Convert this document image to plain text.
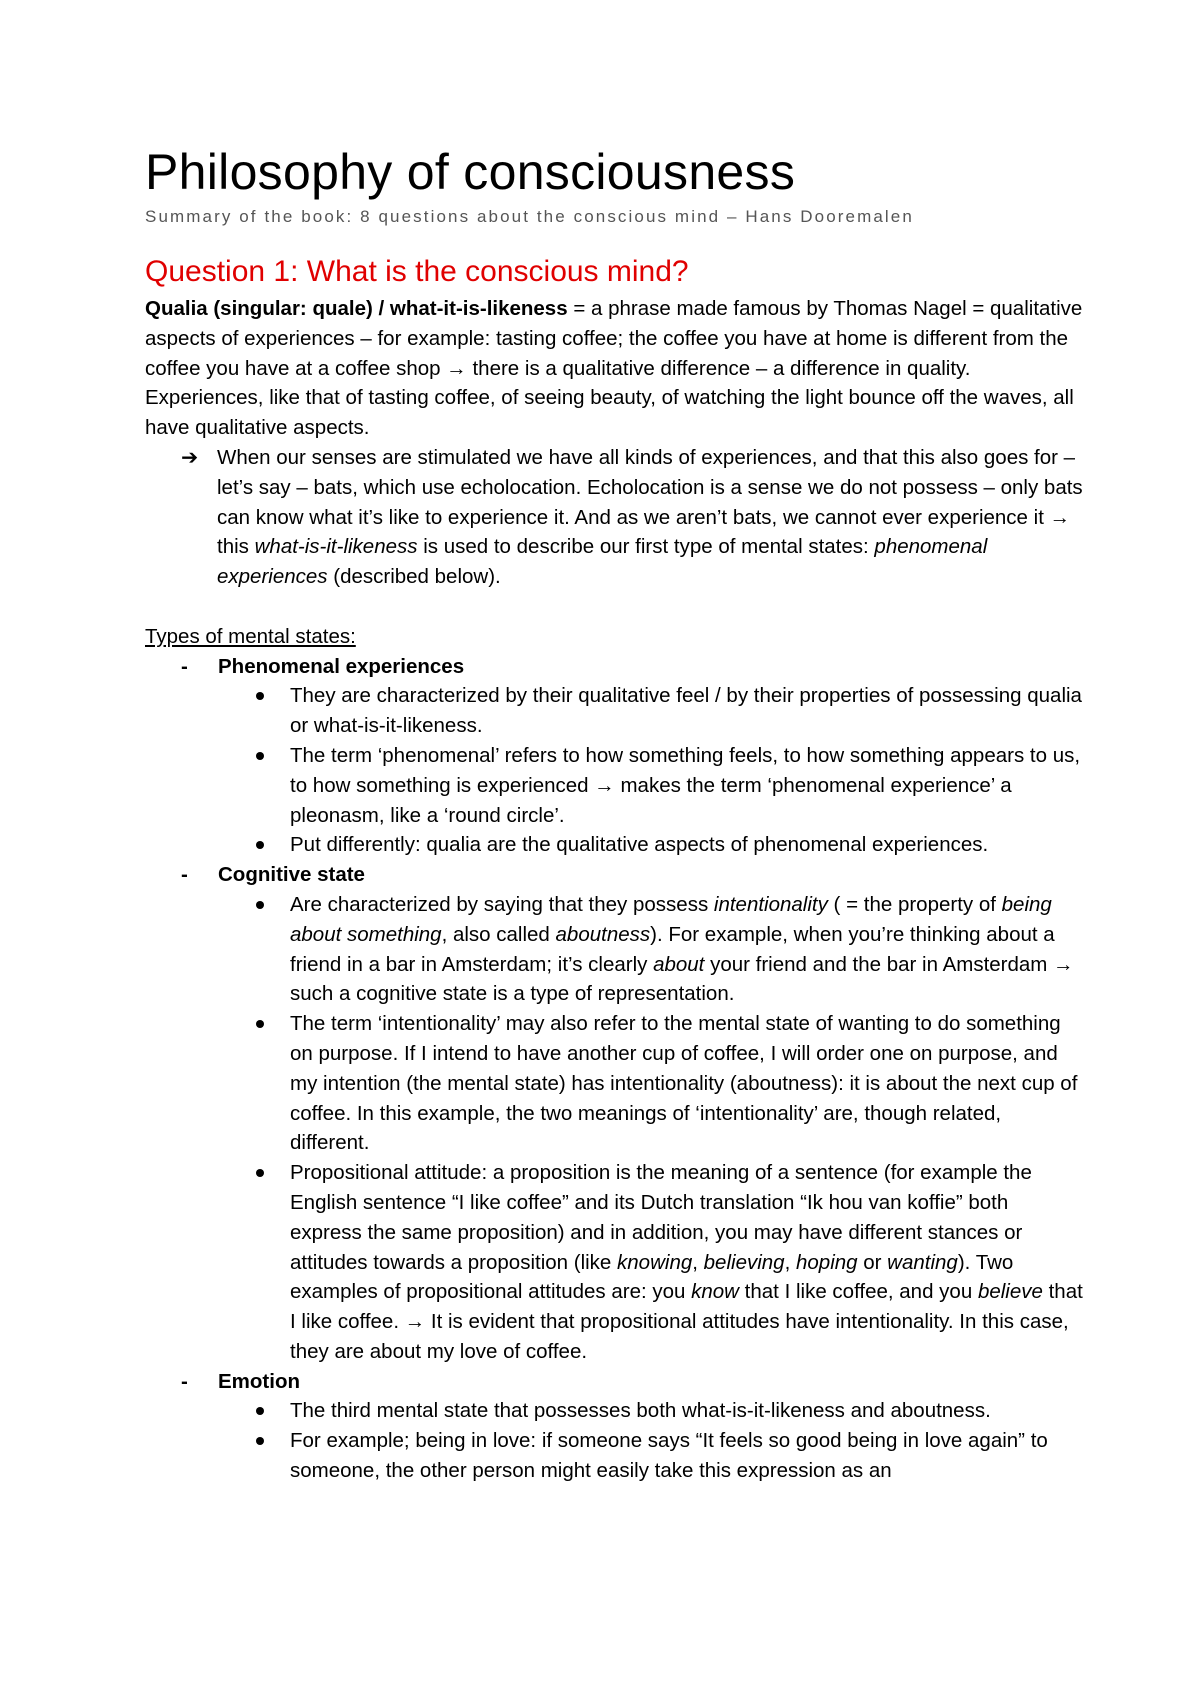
Philosophy of consciousness

Summary of the book: 8 questions about the conscious mind – Hans Dooremalen

Question 1: What is the conscious mind?

Qualia (singular: quale) / what-it-is-likeness = a phrase made famous by Thomas Nagel = qualitative aspects of experiences – for example: tasting coffee; the coffee you have at home is different from the coffee you have at a coffee shop → there is a qualitative difference – a difference in quality. Experiences, like that of tasting coffee, of seeing beauty, of watching the light bounce off the waves, all have qualitative aspects.

➔ When our senses are stimulated we have all kinds of experiences, and that this also goes for – let’s say – bats, which use echolocation. Echolocation is a sense we do not possess – only bats can know what it’s like to experience it. And as we aren’t bats, we cannot ever experience it → this what-is-it-likeness is used to describe our first type of mental states: phenomenal experiences (described below).

Types of mental states:

-	Phenomenal experiences
They are characterized by their qualitative feel / by their properties of possessing qualia or what-is-it-likeness.
The term ‘phenomenal’ refers to how something feels, to how something appears to us, to how something is experienced → makes the term ‘phenomenal experience’ a pleonasm, like a ‘round circle’.
Put differently: qualia are the qualitative aspects of phenomenal experiences.
-	Cognitive state
Are characterized by saying that they possess intentionality ( = the property of being about something, also called aboutness). For example, when you’re thinking about a friend in a bar in Amsterdam; it’s clearly about your friend and the bar in Amsterdam → such a cognitive state is a type of representation.
The term ‘intentionality’ may also refer to the mental state of wanting to do something on purpose. If I intend to have another cup of coffee, I will order one on purpose, and my intention (the mental state) has intentionality (aboutness): it is about the next cup of coffee. In this example, the two meanings of ‘intentionality’ are, though related, different.
Propositional attitude: a proposition is the meaning of a sentence (for example the English sentence “I like coffee” and its Dutch translation “Ik hou van koffie” both express the same proposition) and in addition, you may have different stances or attitudes towards a proposition (like knowing, believing, hoping or wanting). Two examples of propositional attitudes are: you know that I like coffee, and you believe that I like coffee. → It is evident that propositional attitudes have intentionality. In this case, they are about my love of coffee.
-	Emotion
The third mental state that possesses both what-is-it-likeness and aboutness.
For example; being in love: if someone says “It feels so good being in love again” to someone, the other person might easily take this expression as an
